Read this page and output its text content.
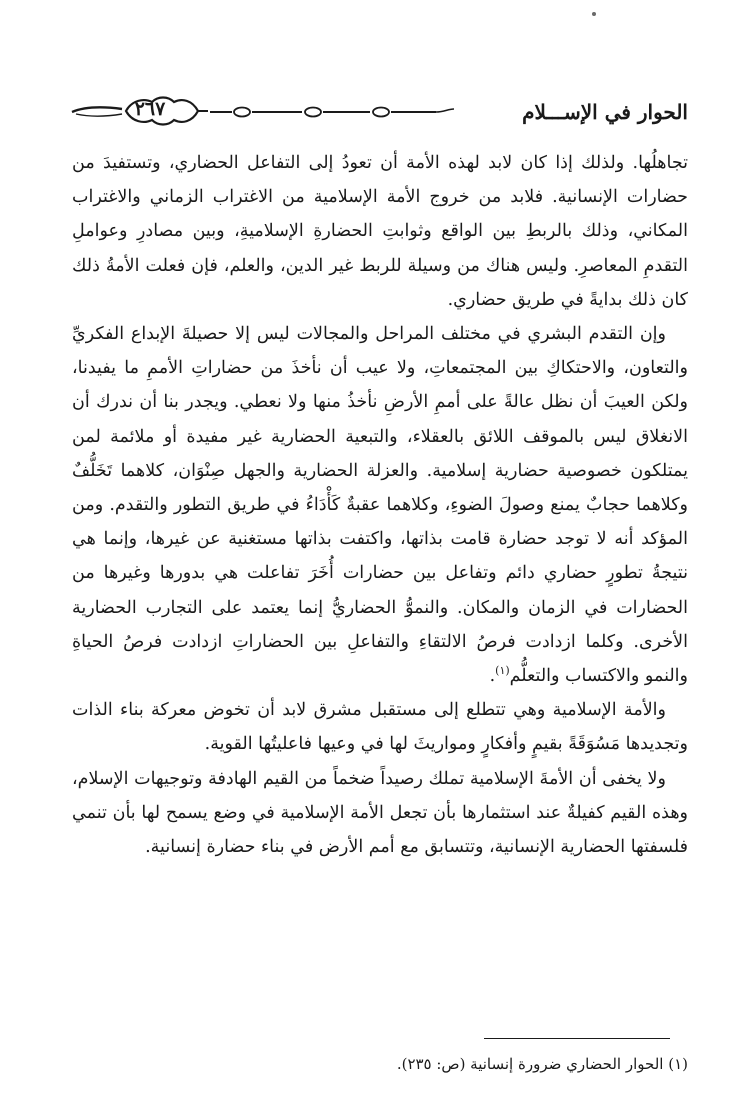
٢٦٧	الحوار في الإســـلام

تجاهلُها. ولذلك إذا كان لابد لهذه الأمة أن تعودُ إلى التفاعل الحضاري، وتستفيدَ من حضارات الإنسانية. فلابد من خروج الأمة الإسلامية من الاغتراب الزماني والاغتراب المكاني، وذلك بالربطِ بين الواقع وثوابتِ الحضارةِ الإسلاميةِ، وبين مصادرِ وعواملِ التقدمِ المعاصرِ. وليس هناك من وسيلة للربط غير الدين، والعلم، فإن فعلت الأمةُ ذلك كان ذلك بدايةً في طريق حضاري.

وإن التقدم البشري في مختلف المراحل والمجالات ليس إلا حصيلةَ الإبداع الفكريِّ والتعاون، والاحتكاكِ بين المجتمعاتِ، ولا عيب أن نأخذَ من حضاراتِ الأممِ ما يفيدنا، ولكن العيبَ أن نظل عالةً على أممِ الأرضِ نأخذُ منها ولا نعطي. ويجدر بنا أن ندرك أن الانغلاق ليس بالموقف اللائق بالعقلاء، والتبعية الحضارية غير مفيدة أو ملائمة لمن يمتلكون خصوصية حضارية إسلامية. والعزلة الحضارية والجهل صِنْوَان، كلاهما تَخَلُّفٌ وكلاهما حجابٌ يمنع وصولَ الضوءِ، وكلاهما عقبةٌ كَأْدَاءُ في طريق التطور والتقدم. ومن المؤكد أنه لا توجد حضارة قامت بذاتها، واكتفت بذاتها مستغنية عن غيرها، وإنما هي نتيجةُ تطورٍ حضاري دائم وتفاعل بين حضارات أُخَرَ تفاعلت هي بدورها وغيرها من الحضارات في الزمان والمكان. والنموُّ الحضاريُّ إنما يعتمد على التجارب الحضارية الأخرى. وكلما ازدادت فرصُ الالتقاءِ والتفاعلِ بين الحضاراتِ ازدادت فرصُ الحياةِ والنمو والاكتساب والتعلُّم$^{(١)}$.

والأمة الإسلامية وهي تتطلع إلى مستقبل مشرق لابد أن تخوض معركة بناء الذات وتجديدها مَسُوَقَةً بقيمٍ وأفكارٍ ومواريثَ لها في وعيها فاعليتُها القوية.

ولا يخفى أن الأمةَ الإسلامية تملك رصيداً ضخماً من القيم الهادفة وتوجيهات الإسلام، وهذه القيم كفيلةٌ عند استثمارها بأن تجعل الأمة الإسلامية في وضع يسمح لها بأن تنمي فلسفتها الحضارية الإنسانية، وتتسابق مع أمم الأرض في بناء حضارة إنسانية.

(١) الحوار الحضاري ضرورة إنسانية (ص: ٢٣٥).
